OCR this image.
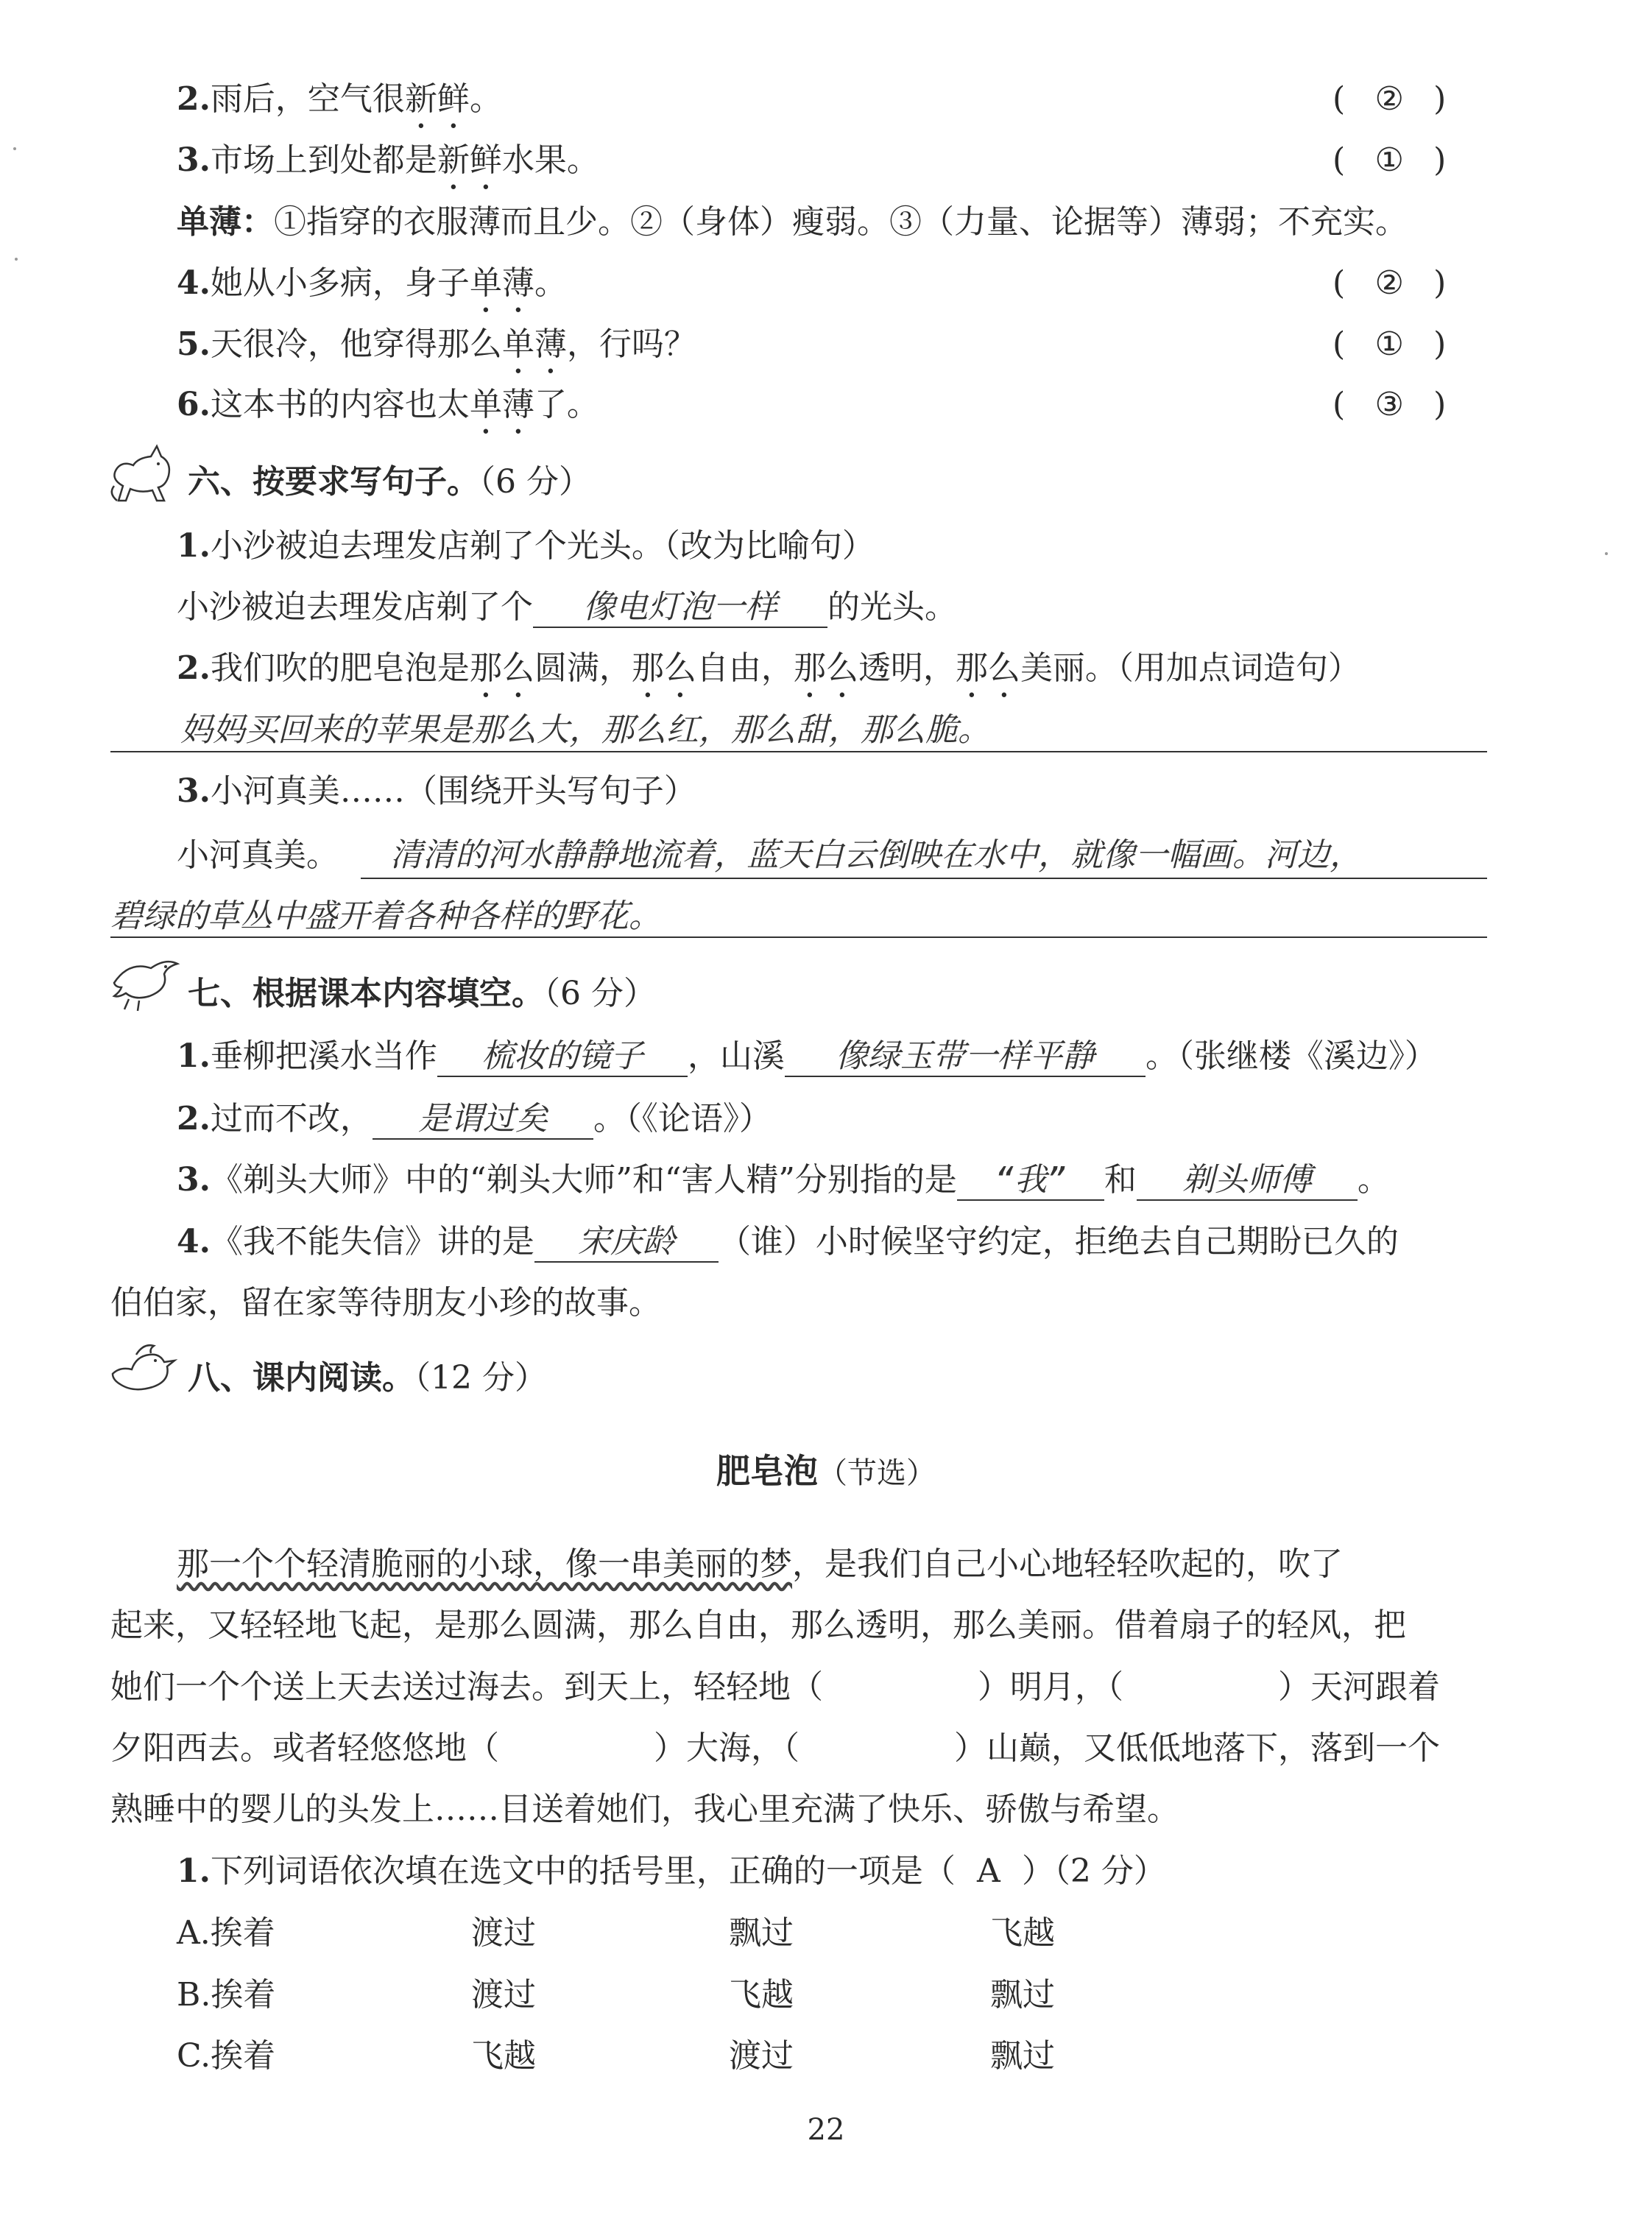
2.雨后，空气很新鲜。	( ② )
3.市场上到处都是新鲜水果。	( ① )
单薄：①指穿的衣服薄而且少。②（身体）瘦弱。③（力量、论据等）薄弱；不充实。
4.她从小多病，身子单薄。	( ② )
5.天很冷，他穿得那么单薄，行吗？	( ① )
6.这本书的内容也太单薄了。	( ③ )
六、按要求写句子。（6 分）
1.小沙被迫去理发店剃了个光头。（改为比喻句）
小沙被迫去理发店剃了个 像电灯泡一样 的光头。
2.我们吹的肥皂泡是那么圆满，那么自由，那么透明，那么美丽。（用加点词造句）
妈妈买回来的苹果是那么大，那么红，那么甜，那么脆。
3.小河真美……（围绕开头写句子）
小河真美。 清清的河水静静地流着，蓝天白云倒映在水中，就像一幅画。河边，
碧绿的草丛中盛开着各种各样的野花。
七、根据课本内容填空。（6 分）
1.垂柳把溪水当作 梳妆的镜子 ，山溪 像绿玉带一样平静 。（张继楼《溪边》）
2.过而不改， 是谓过矣 。（《论语》）
3.《剃头大师》中的“剃头大师”和“害人精”分别指的是 “我” 和 剃头师傅 。
4.《我不能失信》讲的是 宋庆龄 （谁）小时候坚守约定，拒绝去自己期盼已久的
伯伯家，留在家等待朋友小珍的故事。
八、课内阅读。（12 分）
肥皂泡（节选）
那一个个轻清脆丽的小球，像一串美丽的梦，是我们自己小心地轻轻吹起的，吹了
起来，又轻轻地飞起，是那么圆满，那么自由，那么透明，那么美丽。借着扇子的轻风，把
她们一个个送上天去送过海去。到天上，轻轻地（	）明月，（	）天河跟着
夕阳西去。或者轻悠悠地（	）大海，（	）山巅，又低低地落下，落到一个
熟睡中的婴儿的头发上……目送着她们，我心里充满了快乐、骄傲与希望。
1.下列词语依次填在选文中的括号里，正确的一项是（ A ）（2 分）
A.挨着	渡过	飘过	飞越
B.挨着	渡过	飞越	飘过
C.挨着	飞越	渡过	飘过
22
